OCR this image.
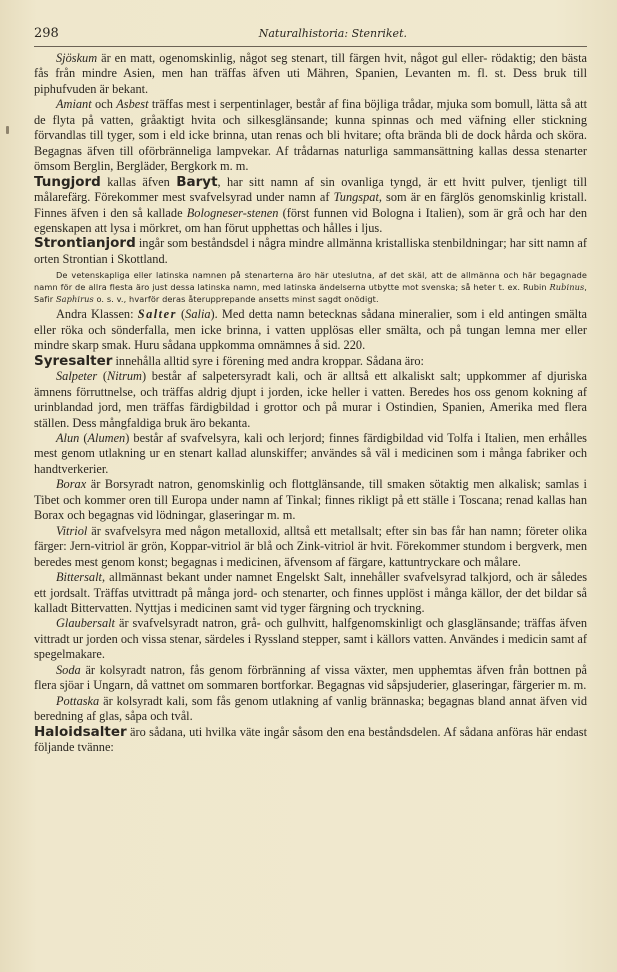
298	Naturalhistoria: Stenriket.

Sjöskum är en matt, ogenomskinlig, något seg stenart, till färgen hvit, något gul eller- rödaktig; den bästa fås från mindre Asien, men han träffas äfven uti Mähren, Spanien, Levanten m. fl. st. Dess bruk till piphufvuden är bekant.

Amiant och Asbest träffas mest i serpentinlager, består af fina böjliga trådar, mjuka som bomull, lätta så att de flyta på vatten, gråaktigt hvita och silkesglänsande; kunna spinnas och med väfning eller stickning förvandlas till tyger, som i eld icke brinna, utan renas och bli hvitare; ofta brända bli de dock hårda och sköra. Begagnas äfven till oförbränneliga lampvekar. Af trådarnas naturliga sammansättning kallas dessa stenarter ömsom Berglin, Bergläder, Bergkork m. m.

Tungjord kallas äfven Baryt, har sitt namn af sin ovanliga tyngd, är ett hvitt pulver, tjenligt till målarefärg. Förekommer mest svafvelsyrad under namn af Tungspat, som är en färglös genomskinlig kristall. Finnes äfven i den så kallade Bologneser-stenen (först funnen vid Bologna i Italien), som är grå och har den egenskapen att lysa i mörkret, om han förut upphettas och hålles i ljus.

Strontianjord ingår som beståndsdel i några mindre allmänna kristalliska stenbildningar; har sitt namn af orten Strontian i Skottland.

De vetenskapliga eller latinska namnen på stenarterna äro här uteslutna, af det skäl, att de allmänna och här begagnade namn för de allra flesta äro just dessa latinska namn, med latinska ändelserna utbytte mot svenska; så heter t. ex. Rubin Rubinus, Safir Saphirus o. s. v., hvarför deras återupprepande ansetts minst sagdt onödigt.

Andra Klassen: Salter (Salia). Med detta namn betecknas sådana mineralier, som i eld antingen smälta eller röka och sönderfalla, men icke brinna, i vatten upplösas eller smälta, och på tungan lemna mer eller mindre skarp smak. Huru sådana uppkomma omnämnes å sid. 220.

Syresalter innehålla alltid syre i förening med andra kroppar. Sådana äro:

Salpeter (Nitrum) består af salpetersyradt kali, och är alltså ett alkaliskt salt; uppkommer af djuriska ämnens förruttnelse, och träffas aldrig djupt i jorden, icke heller i vatten. Beredes hos oss genom kokning af urinblandad jord, men träffas färdigbildad i grottor och på murar i Ostindien, Spanien, Amerika med flera ställen. Dess mångfaldiga bruk äro bekanta.

Alun (Alumen) består af svafvelsyra, kali och lerjord; finnes färdigbildad vid Tolfa i Italien, men erhålles mest genom utlakning ur en stenart kallad alunskiffer; användes så väl i medicinen som i många fabriker och handtverkerier.

Borax är Borsyradt natron, genomskinlig och flottglänsande, till smaken sötaktig men alkalisk; samlas i Tibet och kommer oren till Europa under namn af Tinkal; finnes rikligt på ett ställe i Toscana; renad kallas han Borax och begagnas vid lödningar, glaseringar m. m.

Vitriol är svafvelsyra med någon metalloxid, alltså ett metallsalt; efter sin bas får han namn; företer olika färger: Jern-vitriol är grön, Koppar-vitriol är blå och Zink-vitriol är hvit. Förekommer stundom i bergverk, men beredes mest genom konst; begagnas i medicinen, äfvensom af färgare, kattuntryckare och målare.

Bittersalt, allmännast bekant under namnet Engelskt Salt, innehåller svafvelsyrad talkjord, och är således ett jordsalt. Träffas utvittradt på många jord- och stenarter, och finnes upplöst i många källor, der det bildar så kalladt Bittervatten. Nyttjas i medicinen samt vid tyger färgning och tryckning.

Glaubersalt är svafvelsyradt natron, grå- och gulhvitt, halfgenomskinligt och glasglänsande; träffas äfven vittradt ur jorden och vissa stenar, särdeles i Ryssland stepper, samt i källors vatten. Användes i medicin samt af spegelmakare.

Soda är kolsyradt natron, fås genom förbränning af vissa växter, men upphemtas äfven från bottnen på flera sjöar i Ungarn, då vattnet om sommaren bortforkar. Begagnas vid såpsjuderier, glaseringar, färgerier m. m.

Pottaska är kolsyradt kali, som fås genom utlakning af vanlig brännaska; begagnas bland annat äfven vid beredning af glas, såpa och tvål.

Haloidsalter äro sådana, uti hvilka väte ingår såsom den ena beståndsdelen. Af sådana anföras här endast följande tvänne:
